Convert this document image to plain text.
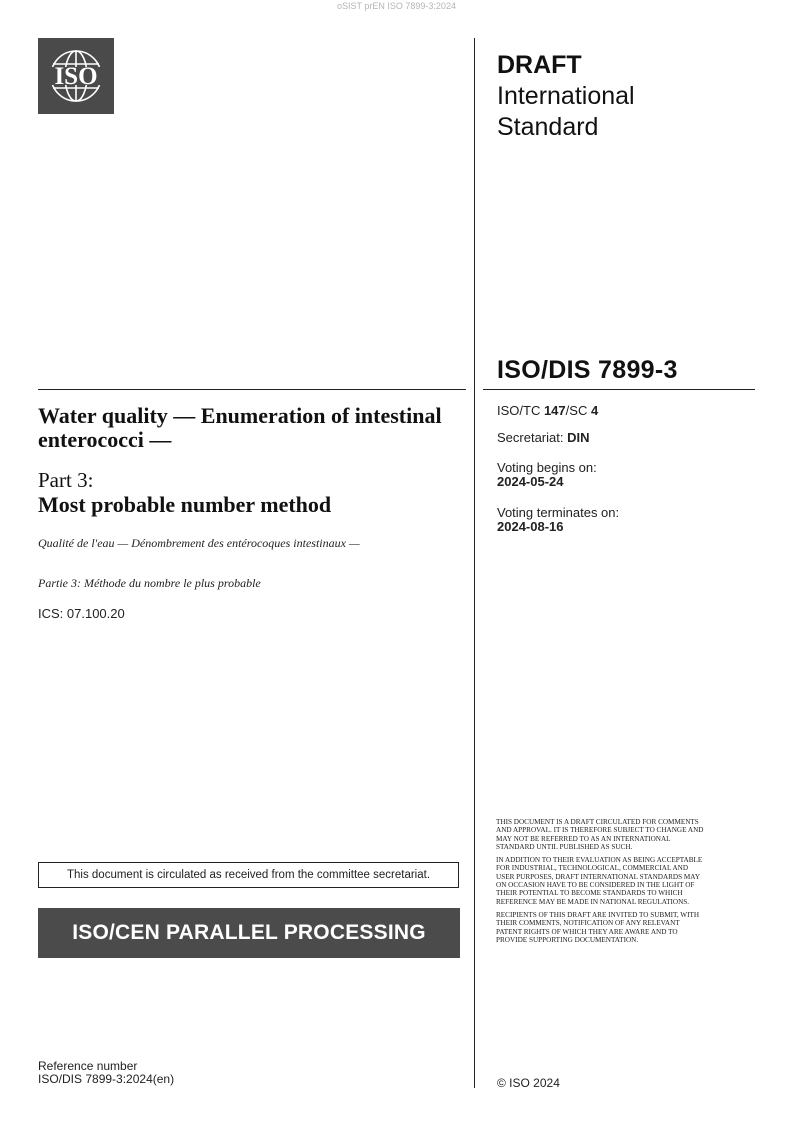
oSIST prEN ISO 7899-3:2024
ISO	DRAFT
International
Standard
ISO/DIS 7899-3
Water quality — Enumeration of intestinal enterococci —
Part 3:
Most probable number method
Qualité de l'eau — Dénombrement des entérocoques intestinaux —
Partie 3: Méthode du nombre le plus probable
ICS: 07.100.20
ISO/TC 147/SC 4
Secretariat: DIN
Voting begins on:
2024-05-24
Voting terminates on:
2024-08-16

THIS DOCUMENT IS A DRAFT CIRCULATED FOR COMMENTS AND APPROVAL. IT IS THEREFORE SUBJECT TO CHANGE AND MAY NOT BE REFERRED TO AS AN INTERNATIONAL STANDARD UNTIL PUBLISHED AS SUCH.

IN ADDITION TO THEIR EVALUATION AS BEING ACCEPTABLE FOR INDUSTRIAL, TECHNOLOGICAL, COMMERCIAL AND USER PURPOSES, DRAFT INTERNATIONAL STANDARDS MAY ON OCCASION HAVE TO BE CONSIDERED IN THE LIGHT OF THEIR POTENTIAL TO BECOME STANDARDS TO WHICH REFERENCE MAY BE MADE IN NATIONAL REGULATIONS.

RECIPIENTS OF THIS DRAFT ARE INVITED TO SUBMIT, WITH THEIR COMMENTS, NOTIFICATION OF ANY RELEVANT PATENT RIGHTS OF WHICH THEY ARE AWARE AND TO PROVIDE SUPPORTING DOCUMENTATION.

This document is circulated as received from the committee secretariat.
ISO/CEN PARALLEL PROCESSING
Reference number
ISO/DIS 7899-3:2024(en)	© ISO 2024
